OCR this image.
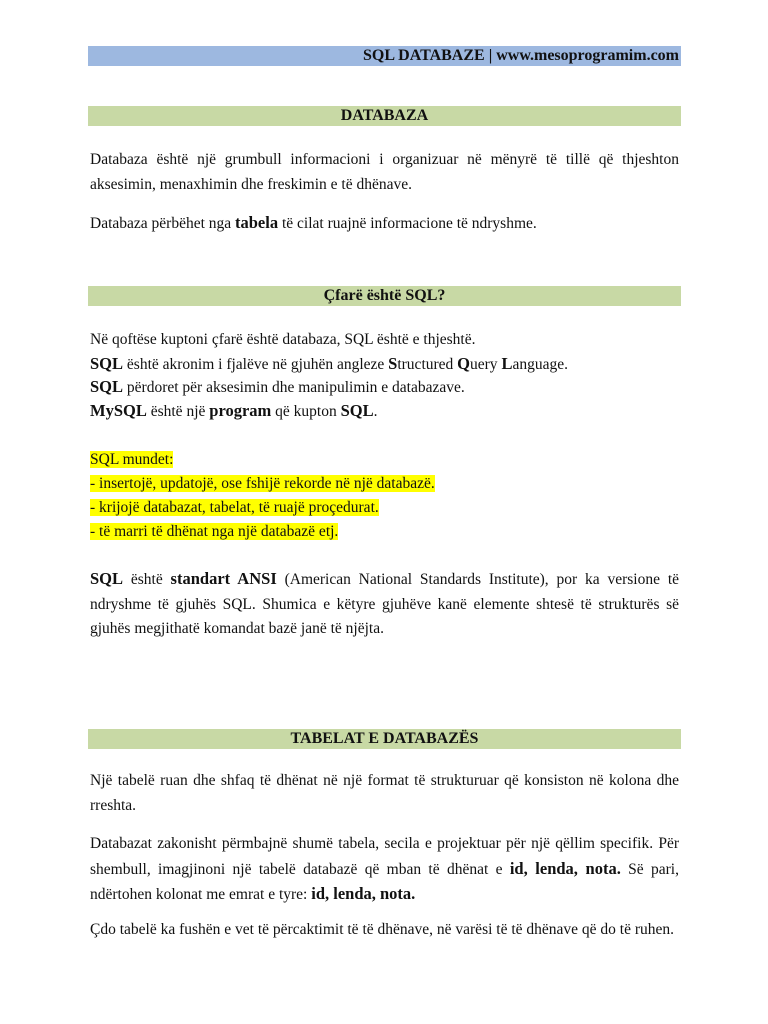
SQL DATABAZE | www.mesoprogramim.com
DATABAZA

Databaza është një grumbull informacioni i organizuar në mënyrë të tillë që thjeshton aksesimin, menaxhimin dhe freskimin e të dhënave.

Databaza përbëhet nga tabela të cilat ruajnë informacione të ndryshme.

Çfarë është SQL?
Në qoftëse kuptoni çfarë është databaza, SQL është e thjeshtë.
SQL është akronim i fjalëve në gjuhën angleze Structured Query Language.
SQL përdoret për aksesimin dhe manipulimin e databazave.
MySQL është një program që kupton SQL.
SQL mundet:
- insertojë, updatojë, ose fshijë rekorde në një databazë.
- krijojë databazat, tabelat, të ruajë proçedurat.
- të marri të dhënat nga një databazë etj.

SQL është standart ANSI (American National Standards Institute), por ka versione të ndryshme të gjuhës SQL. Shumica e këtyre gjuhëve kanë elemente shtesë të strukturës së gjuhës megjithatë komandat bazë janë të njëjta.

TABELAT E DATABAZËS

Një tabelë ruan dhe shfaq të dhënat në një format të strukturuar që konsiston në kolona dhe rreshta.

Databazat zakonisht përmbajnë shumë tabela, secila e projektuar për një qëllim specifik. Për shembull, imagjinoni një tabelë databazë që mban të dhënat e id, lenda, nota. Së pari, ndërtohen kolonat me emrat e tyre: id, lenda, nota.

Çdo tabelë ka fushën e vet të përcaktimit të të dhënave, në varësi të të dhënave që do të ruhen.
